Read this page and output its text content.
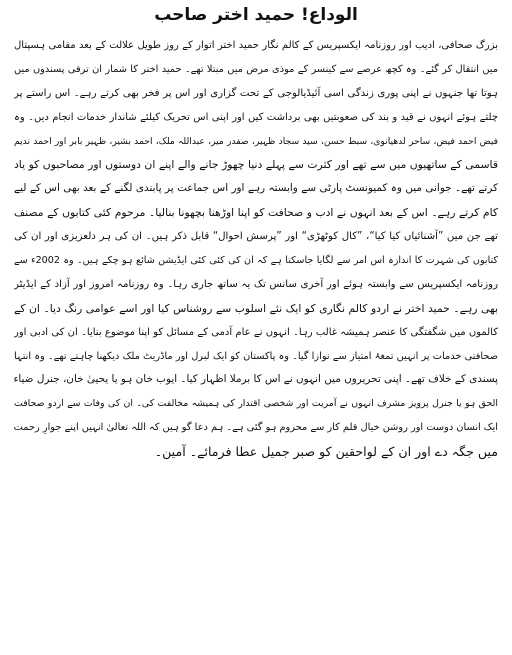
الوداع! حمید اختر صاحب
بزرگ صحافی، ادیب اور روزنامہ ایکسپریس کے کالم نگار حمید اختر اتوار کے روز طویل علالت کے بعد مقامی ہسپتال
میں انتقال کر گئے۔ وہ کچھ عرصے سے کینسر کے موذی مرض میں مبتلا تھے۔ حمید اختر کا شمار ان ترقی پسندوں میں
ہوتا تھا جنہوں نے اپنی پوری زندگی اسی آئیڈیالوجی کے تحت گزاری اور اس پر فخر بھی کرتے رہے۔ اس راستے پر
چلتے ہوئے انہوں نے قید و بند کی صعوبتیں بھی برداشت کیں اور اپنی اس تحریک کیلئے شاندار خدمات انجام دیں۔ وہ
فیض احمد فیض، ساحر لدھیانوی، سبط حسن، سید سجاد ظہیر، صفدر میر، عبداللہ ملک، احمد بشیر، ظہیر بابر اور احمد ندیم
قاسمی کے ساتھیوں میں سے تھے اور کثرت سے پہلے دنیا چھوڑ جانے والے اپنے ان دوستوں اور مصاحبوں کو یاد
کرتے تھے۔ جوانی میں وہ کمیونسٹ پارٹی سے وابستہ رہے اور اس جماعت پر پابندی لگنے کے بعد بھی اس کے لیے
کام کرتے رہے۔ اس کے بعد انہوں نے ادب و صحافت کو اپنا اوڑھنا بچھونا بنالیا۔ مرحوم کئی کتابوں کے مصنف
تھے جن میں ”آشنائیاں کیا کیا“، ”کال کوٹھڑی“ اور ”پرسش احوال“ قابل ذکر ہیں۔ ان کی ہر دلعزیزی اور ان کی
کتابوں کی شہرت کا اندازہ اس امر سے لگایا جاسکتا ہے کہ ان کی کئی کئی ایڈیشن شائع ہو چکے ہیں۔ وہ 2002ء سے
روزنامہ ایکسپریس سے وابستہ ہوئے اور آخری سانس تک یہ ساتھ جاری رہا۔ وہ روزنامہ امروز اور آزاد کے ایڈیٹر
بھی رہے۔ حمید اختر نے اردو کالم نگاری کو ایک نئے اسلوب سے روشناس کیا اور اسے عوامی رنگ دیا۔ ان کے
کالموں میں شگفتگی کا عنصر ہمیشہ غالب رہا۔ انہوں نے عام آدمی کے مسائل کو اپنا موضوع بنایا۔ ان کی ادبی اور
صحافتی خدمات پر انہیں تمغۂ امتیاز سے نوازا گیا۔ وہ پاکستان کو ایک لبرل اور ماڈریٹ ملک دیکھنا چاہتے تھے۔ وہ انتہا
پسندی کے خلاف تھے۔ اپنی تحریروں میں انہوں نے اس کا برملا اظہار کیا۔ ایوب خان ہو یا یحییٰ خان، جنرل ضیاء
الحق ہو یا جنرل پرویز مشرف انہوں نے آمریت اور شخصی اقتدار کی ہمیشہ مخالفت کی۔ ان کی وفات سے اردو صحافت
ایک انسان دوست اور روشن خیال قلم کار سے محروم ہو گئی ہے۔ ہم دعا گو ہیں کہ اللہ تعالیٰ انہیں اپنے جوارِ رحمت
میں جگہ دے اور ان کے لواحقین کو صبر جمیل عطا فرمائے۔ آمین۔
